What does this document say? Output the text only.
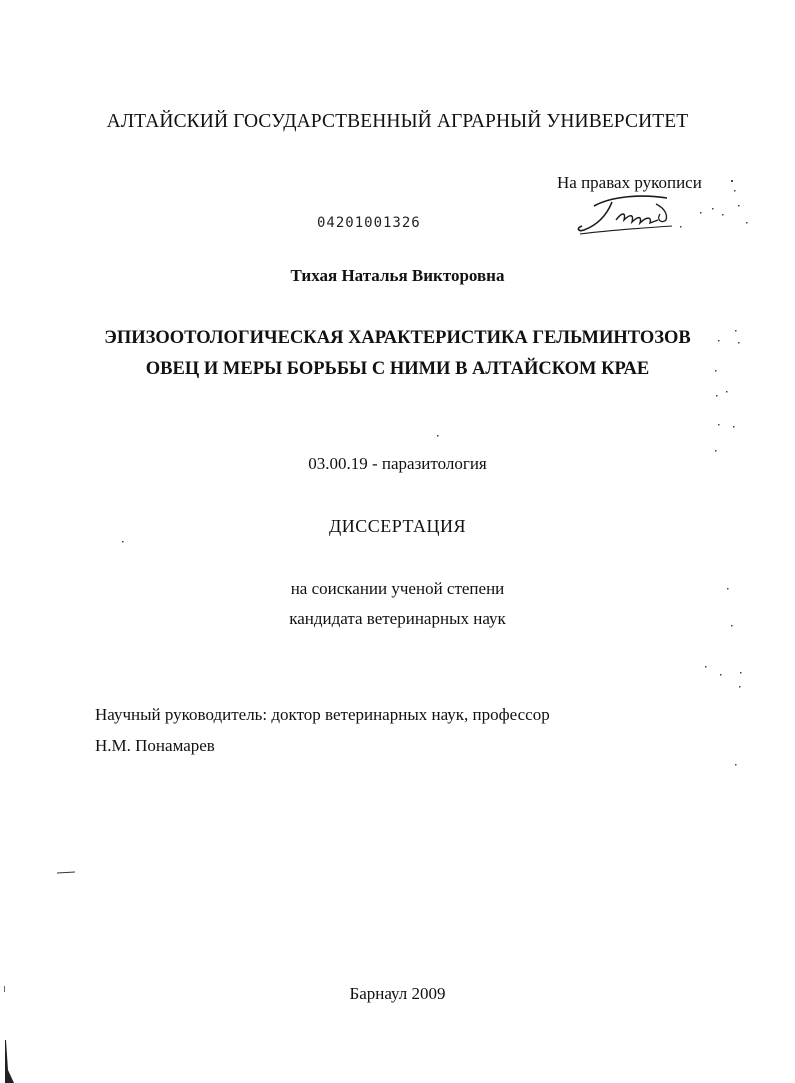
АЛТАЙСКИЙ ГОСУДАРСТВЕННЫЙ АГРАРНЫЙ УНИВЕРСИТЕТ
На правах рукописи
04201001326
Тихая Наталья Викторовна
ЭПИЗООТОЛОГИЧЕСКАЯ ХАРАКТЕРИСТИКА ГЕЛЬМИНТОЗОВ
ОВЕЦ И МЕРЫ БОРЬБЫ С НИМИ В АЛТАЙСКОМ КРАЕ
03.00.19 - паразитология
ДИССЕРТАЦИЯ
на соискании ученой степени
кандидата ветеринарных наук
Научный руководитель: доктор ветеринарных наук, профессор
Н.М. Понамарев
Барнаул 2009
